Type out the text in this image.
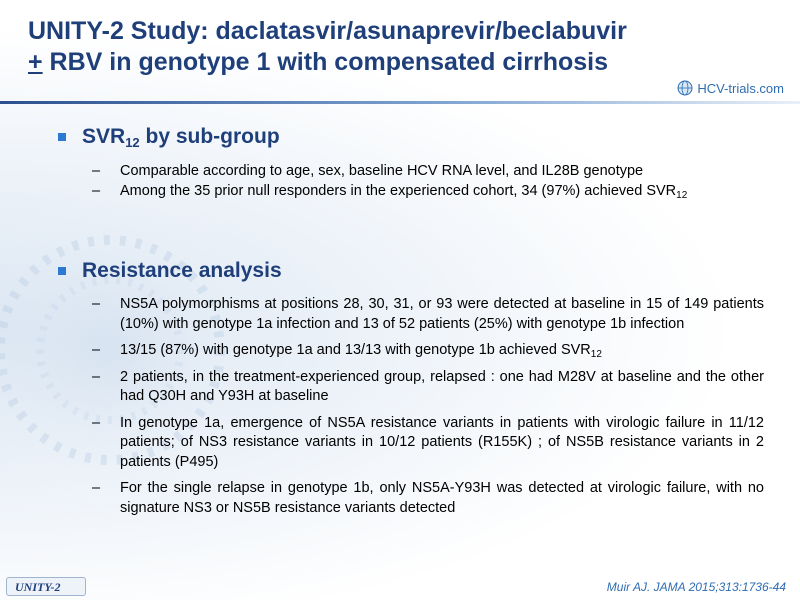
UNITY-2 Study: daclatasvir/asunaprevir/beclabuvir
+ RBV in genotype 1 with compensated cirrhosis
HCV-trials.com
$SVR_{12}$ by sub-group
– Comparable according to age, sex, baseline HCV RNA level, and IL28B genotype
– Among the 35 prior null responders in the experienced cohort, 34 (97%) achieved $SVR_{12}$
Resistance analysis
– NS5A polymorphisms at positions 28, 30, 31, or 93 were detected at baseline in 15 of 149 patients (10%) with genotype 1a infection and 13 of 52 patients (25%) with genotype 1b infection
– 13/15 (87%) with genotype 1a and 13/13 with genotype 1b achieved $SVR_{12}$
– 2 patients, in the treatment-experienced group, relapsed : one had M28V at baseline and the other had Q30H and Y93H at baseline
– In genotype 1a, emergence of NS5A resistance variants in patients with virologic failure in 11/12 patients; of NS3 resistance variants in 10/12 patients (R155K) ; of NS5B resistance variants in 2 patients (P495)
– For the single relapse in genotype 1b, only NS5A-Y93H was detected at virologic failure, with no signature NS3 or NS5B resistance variants detected
UNITY-2	Muir AJ. JAMA 2015;313:1736-44
